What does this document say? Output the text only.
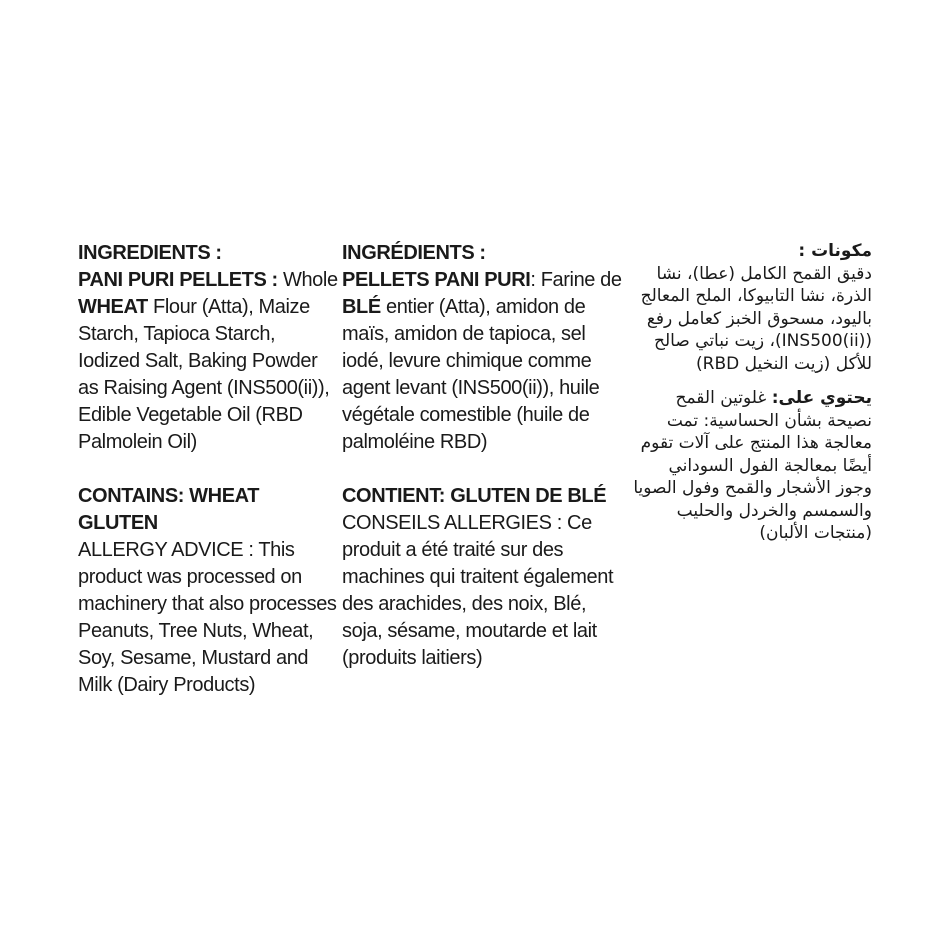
INGREDIENTS :

PANI PURI PELLETS : Whole WHEAT Flour (Atta), Maize Starch, Tapioca Starch, Iodized Salt, Baking Powder as Raising Agent (INS500(ii)), Edible Vegetable Oil (RBD Palmolein Oil)

CONTAINS: WHEAT GLUTEN

ALLERGY ADVICE : This product was processed on machinery that also processes Peanuts, Tree Nuts, Wheat, Soy, Sesame, Mustard and Milk (Dairy Products)

INGRÉDIENTS :

PELLETS PANI PURI: Farine de BLÉ entier (Atta), amidon de maïs, amidon de tapioca, sel iodé, levure chimique comme agent levant (INS500(ii)), huile végétale comestible (huile de palmoléine RBD)

CONTIENT: GLUTEN DE BLÉ

CONSEILS ALLERGIES : Ce produit a été traité sur des machines qui traitent également des arachides, des noix, Blé, soja, sésame, moutarde et lait (produits laitiers)

مكونات :

دقيق القمح الكامل (عطا)، نشا الذرة، نشا التابيوكا، الملح المعالج باليود، مسحوق الخبز كعامل رفع (INS500(ii))، زيت نباتي صالح للأكل (زيت النخيل RBD)

يحتوي على: غلوتين القمح

نصيحة بشأن الحساسية: تمت معالجة هذا المنتج على آلات تقوم أيضًا بمعالجة الفول السوداني وجوز الأشجار والقمح وفول الصويا والسمسم والخردل والحليب (منتجات الألبان)
